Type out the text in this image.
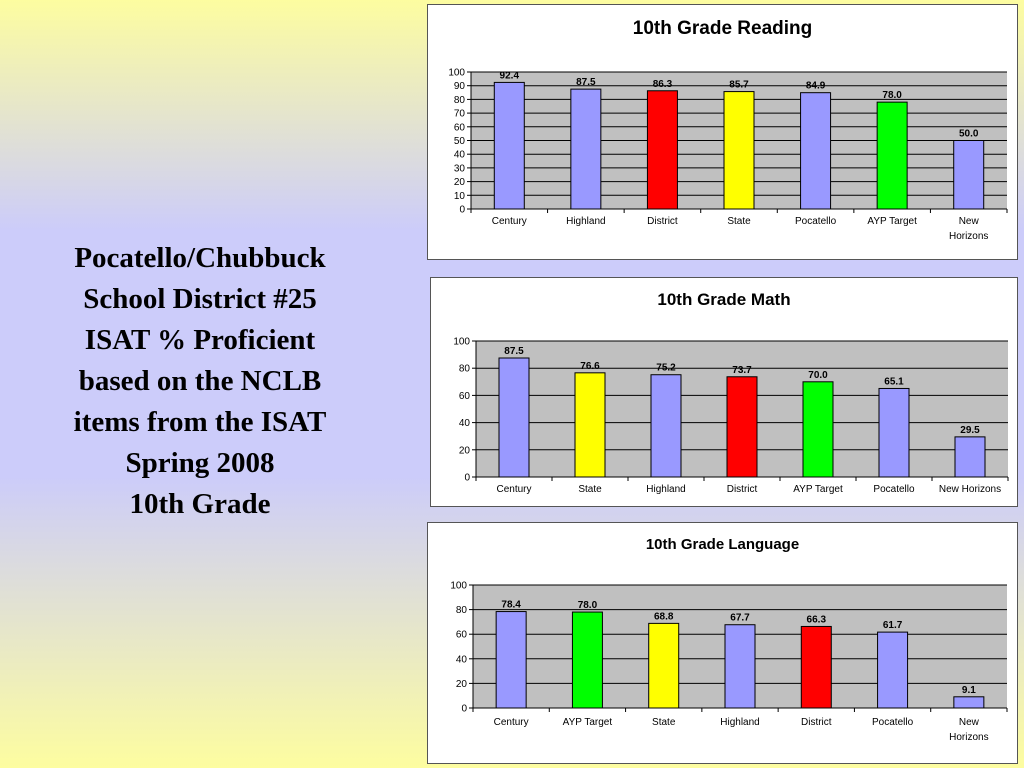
Pocatello/Chubbuck
School District #25
ISAT % Proficient
based on the NCLB
items from the ISAT
Spring 2008
10th Grade
10th Grade Reading
0
10
20
30
40
50
60
70
80
90
100	92.4
Century
87.5
Highland
86.3
District
85.7
State
84.9
Pocatello
78.0
AYP Target
50.0
New
Horizons
10th Grade Math
0
20
40
60
80
100
87.5
Century
76.6
State
75.2
Highland
73.7
District
70.0
AYP Target
65.1
Pocatello
29.5
New Horizons
10th Grade Language
0
20
40
60
80
100
78.4
Century
78.0
AYP Target
68.8
State
67.7
Highland
66.3
District
61.7
Pocatello
9.1
New
Horizons
